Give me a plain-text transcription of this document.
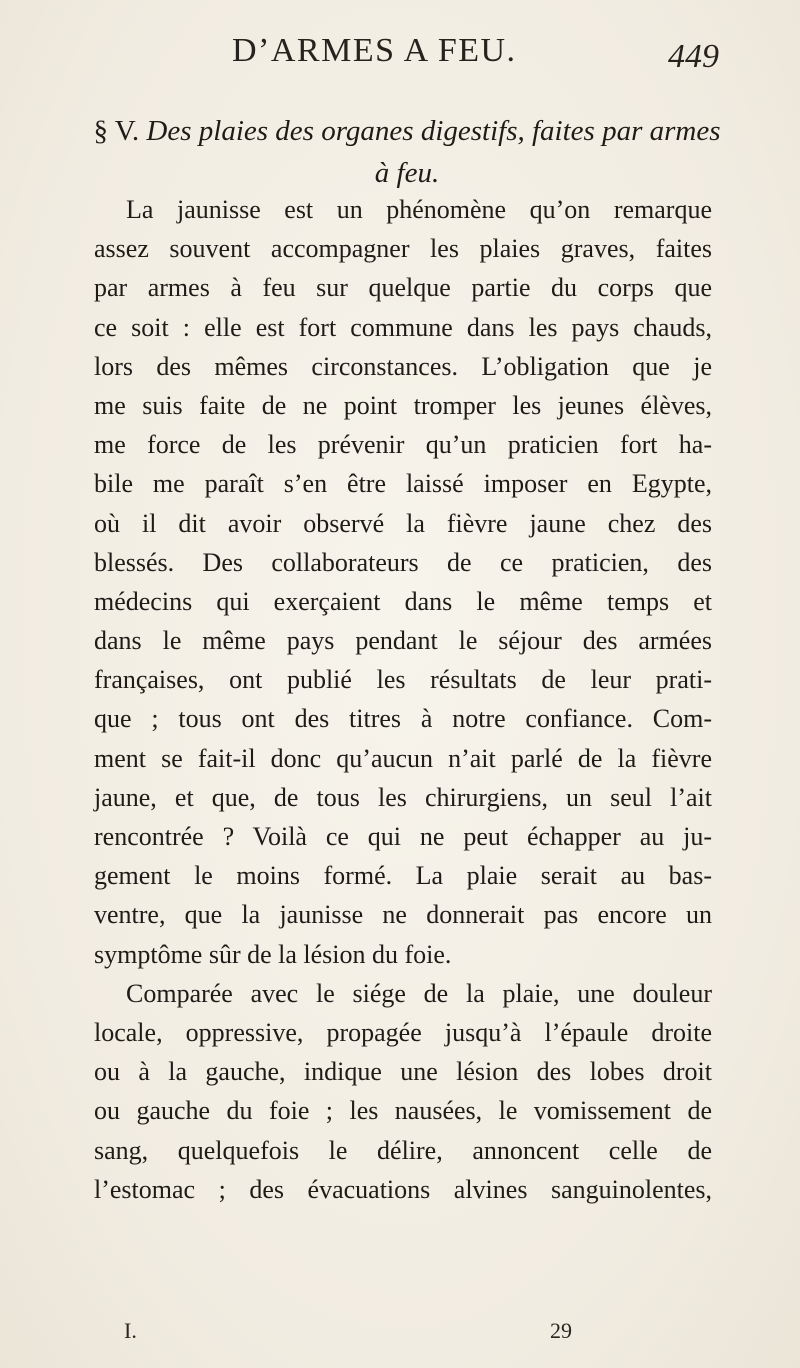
D’ARMES A FEU.	449
§ V. Des plaies des organes digestifs, faites par armes à feu.
La jaunisse est un phénomène qu’on remarque
assez souvent accompagner les plaies graves, faites
par armes à feu sur quelque partie du corps que
ce soit : elle est fort commune dans les pays chauds,
lors des mêmes circonstances. L’obligation que je
me suis faite de ne point tromper les jeunes élèves,
me force de les prévenir qu’un praticien fort ha-
bile me paraît s’en être laissé imposer en Egypte,
où il dit avoir observé la fièvre jaune chez des
blessés. Des collaborateurs de ce praticien, des
médecins qui exerçaient dans le même temps et
dans le même pays pendant le séjour des armées
françaises, ont publié les résultats de leur prati-
que ; tous ont des titres à notre confiance. Com-
ment se fait-il donc qu’aucun n’ait parlé de la fièvre
jaune, et que, de tous les chirurgiens, un seul l’ait
rencontrée ? Voilà ce qui ne peut échapper au ju-
gement le moins formé. La plaie serait au bas-
ventre, que la jaunisse ne donnerait pas encore un
symptôme sûr de la lésion du foie.
Comparée avec le siége de la plaie, une douleur
locale, oppressive, propagée jusqu’à l’épaule droite
ou à la gauche, indique une lésion des lobes droit
ou gauche du foie ; les nausées, le vomissement de
sang, quelquefois le délire, annoncent celle de
l’estomac ; des évacuations alvines sanguinolentes,
I.	29
